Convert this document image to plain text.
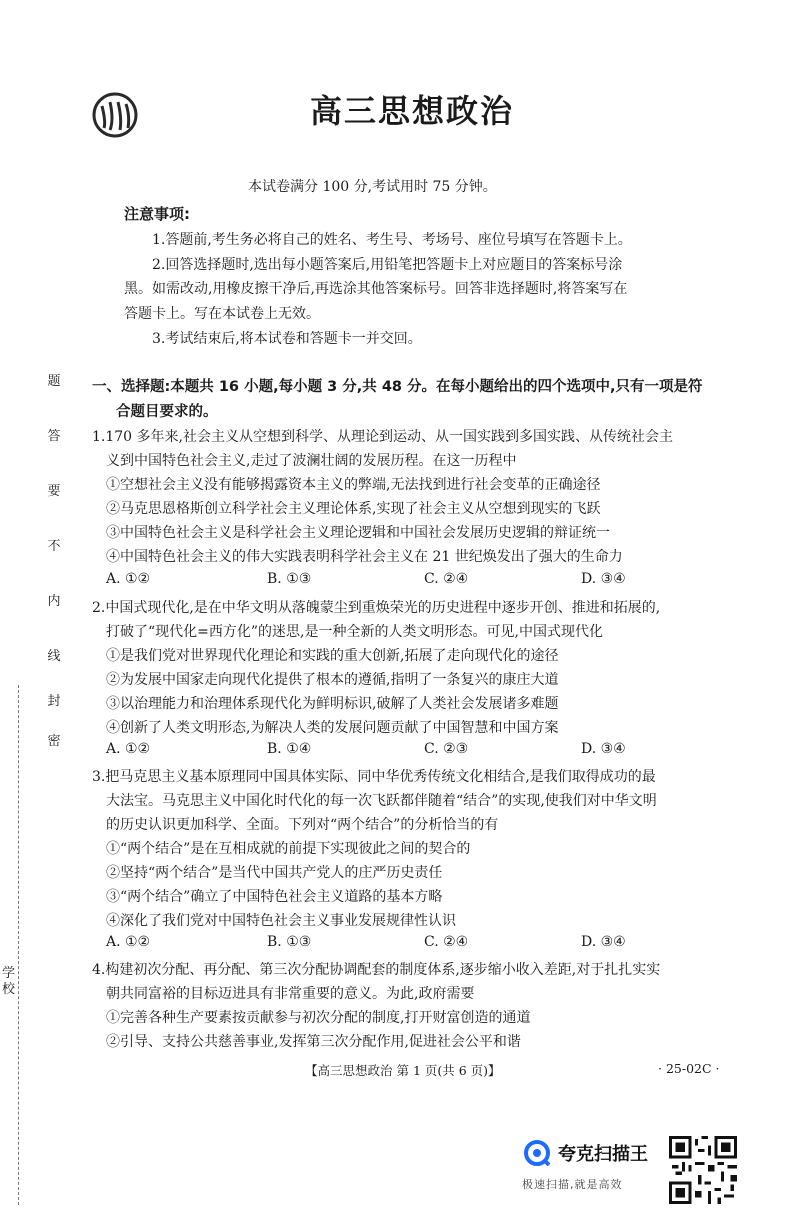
高三思想政治
本试卷满分 100 分,考试用时 75 分钟。
注意事项:
1.答题前,考生务必将自己的姓名、考生号、考场号、座位号填写在答题卡上。
2.回答选择题时,选出每小题答案后,用铅笔把答题卡上对应题目的答案标号涂
黑。如需改动,用橡皮擦干净后,再选涂其他答案标号。回答非选择题时,将答案写在
答题卡上。写在本试卷上无效。
3.考试结束后,将本试卷和答题卡一并交回。
题
答
要
不
内
线
封
密
学校
一、选择题:本题共 16 小题,每小题 3 分,共 48 分。在每小题给出的四个选项中,只有一项是符
合题目要求的。
1.170 多年来,社会主义从空想到科学、从理论到运动、从一国实践到多国实践、从传统社会主
义到中国特色社会主义,走过了波澜壮阔的发展历程。在这一历程中
①空想社会主义没有能够揭露资本主义的弊端,无法找到进行社会变革的正确途径
②马克思恩格斯创立科学社会主义理论体系,实现了社会主义从空想到现实的飞跃
③中国特色社会主义是科学社会主义理论逻辑和中国社会发展历史逻辑的辩证统一
④中国特色社会主义的伟大实践表明科学社会主义在 21 世纪焕发出了强大的生命力
A. ①②	B. ①③	C. ②④	D. ③④
2.中国式现代化,是在中华文明从落魄蒙尘到重焕荣光的历史进程中逐步开创、推进和拓展的,
打破了“现代化=西方化”的迷思,是一种全新的人类文明形态。可见,中国式现代化
①是我们党对世界现代化理论和实践的重大创新,拓展了走向现代化的途径
②为发展中国家走向现代化提供了根本的遵循,指明了一条复兴的康庄大道
③以治理能力和治理体系现代化为鲜明标识,破解了人类社会发展诸多难题
④创新了人类文明形态,为解决人类的发展问题贡献了中国智慧和中国方案
A. ①②	B. ①④	C. ②③	D. ③④
3.把马克思主义基本原理同中国具体实际、同中华优秀传统文化相结合,是我们取得成功的最
大法宝。马克思主义中国化时代化的每一次飞跃都伴随着“结合”的实现,使我们对中华文明
的历史认识更加科学、全面。下列对“两个结合”的分析恰当的有
①“两个结合”是在互相成就的前提下实现彼此之间的契合的
②坚持“两个结合”是当代中国共产党人的庄严历史责任
③“两个结合”确立了中国特色社会主义道路的基本方略
④深化了我们党对中国特色社会主义事业发展规律性认识
A. ①②	B. ①③	C. ②④	D. ③④
4.构建初次分配、再分配、第三次分配协调配套的制度体系,逐步缩小收入差距,对于扎扎实实
朝共同富裕的目标迈进具有非常重要的意义。为此,政府需要
①完善各种生产要素按贡献参与初次分配的制度,打开财富创造的通道
②引导、支持公共慈善事业,发挥第三次分配作用,促进社会公平和谐
【高三思想政治 第 1 页(共 6 页)】	· 25-02C ·
夸克扫描王
极速扫描,就是高效
